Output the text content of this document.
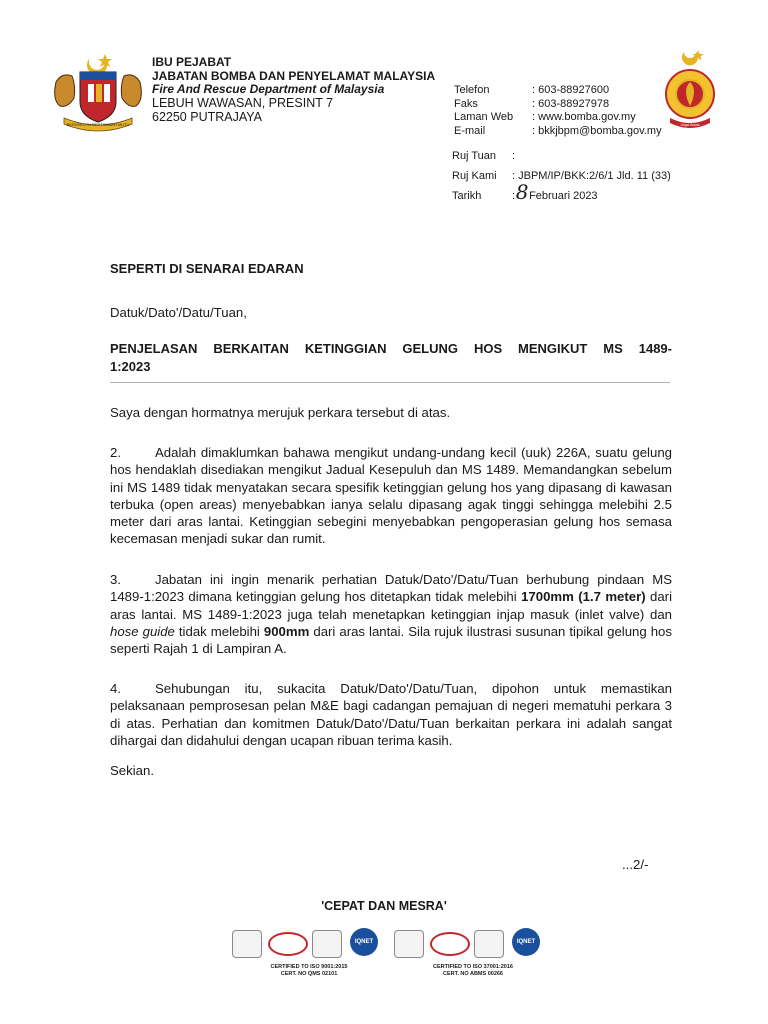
BERSEKUTU BERTAMBAH MUTU
IBU PEJABAT
JABATAN BOMBA DAN PENYELAMAT MALAYSIA
Fire And Rescue Department of Malaysia
LEBUH WAWASAN, PRESINT 7
62250 PUTRAJAYA
Telefon	: 603-88927600
Faks	: 603-88927978
Laman Web : www.bomba.gov.my
E-mail	: bkkjbpm@bomba.gov.my	Jaga Awas
Ruj Tuan :
Ruj Kami : JBPM/IP/BKK:2/6/1 Jld. 11 (33)
Tarikh	:8Februari 2023
SEPERTI DI SENARAI EDARAN
Datuk/Dato'/Datu/Tuan,
PENJELASAN BERKAITAN KETINGGIAN GELUNG HOS MENGIKUT MS 1489-
1:2023
Saya dengan hormatnya merujuk perkara tersebut di atas.
2.	Adalah dimaklumkan bahawa mengikut undang-undang kecil (uuk) 226A, suatu gelung hos hendaklah disediakan mengikut Jadual Kesepuluh dan MS 1489. Memandangkan sebelum ini MS 1489 tidak menyatakan secara spesifik ketinggian gelung hos yang dipasang di kawasan terbuka (open areas) menyebabkan ianya selalu dipasang agak tinggi sehingga melebihi 2.5 meter dari aras lantai. Ketinggian sebegini menyebabkan pengoperasian gelung hos semasa kecemasan menjadi sukar dan rumit.
3.	Jabatan ini ingin menarik perhatian Datuk/Dato'/Datu/Tuan berhubung pindaan MS 1489-1:2023 dimana ketinggian gelung hos ditetapkan tidak melebihi 1700mm (1.7 meter) dari aras lantai. MS 1489-1:2023 juga telah menetapkan ketinggian injap masuk (inlet valve) dan hose guide tidak melebihi 900mm dari aras lantai. Sila rujuk ilustrasi susunan tipikal gelung hos seperti Rajah 1 di Lampiran A.
4.	Sehubungan itu, sukacita Datuk/Dato'/Datu/Tuan, dipohon untuk memastikan pelaksanaan pemprosesan pelan M&E bagi cadangan pemajuan di negeri mematuhi perkara 3 di atas. Perhatian dan komitmen Datuk/Dato'/Datu/Tuan berkaitan perkara ini adalah sangat dihargai dan didahului dengan ucapan ribuan terima kasih.
Sekian.
...2/-
'CEPAT DAN MESRA'
IQNET	IQNET
CERTIFIED TO ISO 9001:2015
CERT. NO QMS 02101
CERTIFIED TO ISO 37001:2016
CERT. NO ABMS 00266
